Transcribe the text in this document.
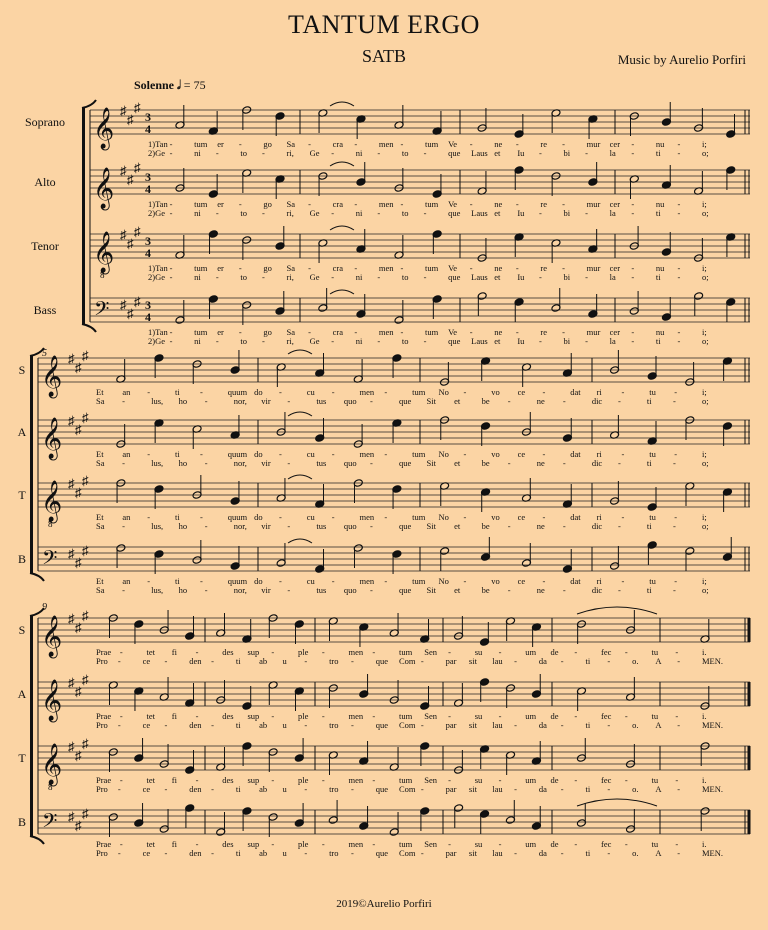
TANTUM ERGO
SATB	Music by Aurelio Porfiri
Solenne 𝅗𝅥 = 75
Soprano 𝄞 ♯
♯
♯
3
4
1)Tan -	tum er -	go Sa -	cra -	men -	tum Ve -	ne -	re -	mur cer -	nu -	i;
2)Ge -	ni -	to -	ri, Ge -	ni -	to -	que Laus et Iu -	bi -	la -	ti -	o;
Alto 𝄞 ♯
♯
♯
3
4
1)Tan -	tum er -	go Sa -	cra -	men -	tum Ve -	ne -	re -	mur cer -	nu -	i;
2)Ge -	ni -	to -	ri, Ge -	ni -	to -	que Laus et Iu -	bi -	la -	ti -	o;
Tenor 𝄞
8
♯
♯
♯
3
4
1)Tan -	tum er -	go Sa -	cra -	men -	tum Ve -	ne -	re -	mur cer -	nu -	i;
2)Ge -	ni -	to -	ri, Ge -	ni -	to -	que Laus et Iu -	bi -	la -	ti -	o;
Bass 𝄢 ♯
♯
♯ 3
4
1)Tan -	tum er -	go Sa -	cra -	men -	tum Ve -	ne -	re -	mur cer -	nu -	i;
2)Ge -	ni -	to -	ri, Ge -	ni -	to -	que Laus et Iu -	bi -	la -	ti -	o;
5
S 𝄞 ♯
♯
♯
Et an -	ti -	quum do -	cu -	men -	tum No -	vo ce -	dat ri -	tu -	i;
Sa -	lus, ho -	nor, vir -	tus quo -	que Sit et	be -	ne -	dic -	ti	-	o;
A 𝄞 ♯
♯
♯
Et an -	ti -	quum do -	cu -	men -	tum No -	vo ce -	dat ri -	tu -	i;
Sa -	lus, ho -	nor, vir -	tus quo -	que Sit et	be -	ne -	dic -	ti	-	o;
T 𝄞
8
♯
♯
♯
Et an -	ti -	quum do -	cu -	men -	tum No -	vo ce -	dat ri -	tu -	i;
Sa -	lus, ho -	nor, vir -	tus quo -	que Sit et	be -	ne -	dic -	ti	-	o;
B 𝄢 ♯
♯
♯
Et an -	ti -	quum do -	cu -	men -	tum No -	vo ce -	dat ri -	tu -	i;
Sa -	lus, ho -	nor, vir -	tus quo -	que Sit et	be -	ne -	dic -	ti	-	o;
9
S 𝄞 ♯
♯
♯
Prae -	tet fi -	des sup -	ple -	men -	tum Sen -	su -	um de -	fec -	tu -	i.
Pro -	ce -	den -	ti ab u -	tro -	que Com -	par sit lau -	da -	ti -	o. A -	MEN.
A 𝄞 ♯
♯
♯
Prae -	tet fi -	des sup -	ple -	men -	tum Sen -	su -	um de -	fec -	tu -	i.
Pro -	ce -	den -	ti ab u -	tro -	que Com -	par sit lau -	da -	ti -	o. A -	MEN.
T 𝄞
8
♯
♯
♯
Prae -	tet fi -	des sup -	ple -	men -	tum Sen -	su -	um de -	fec -	tu -	i.
Pro -	ce -	den -	ti ab u -	tro -	que Com -	par sit lau -	da -	ti -	o. A -	MEN.
B 𝄢 ♯
♯
♯
Prae -	tet fi -	des sup -	ple -	men -	tum Sen -	su -	um de -	fec -	tu -	i.
Pro -	ce -	den -	ti ab u -	tro -	que Com -	par sit lau -	da -	ti -	o. A -	MEN.
2019©Aurelio Porfiri
